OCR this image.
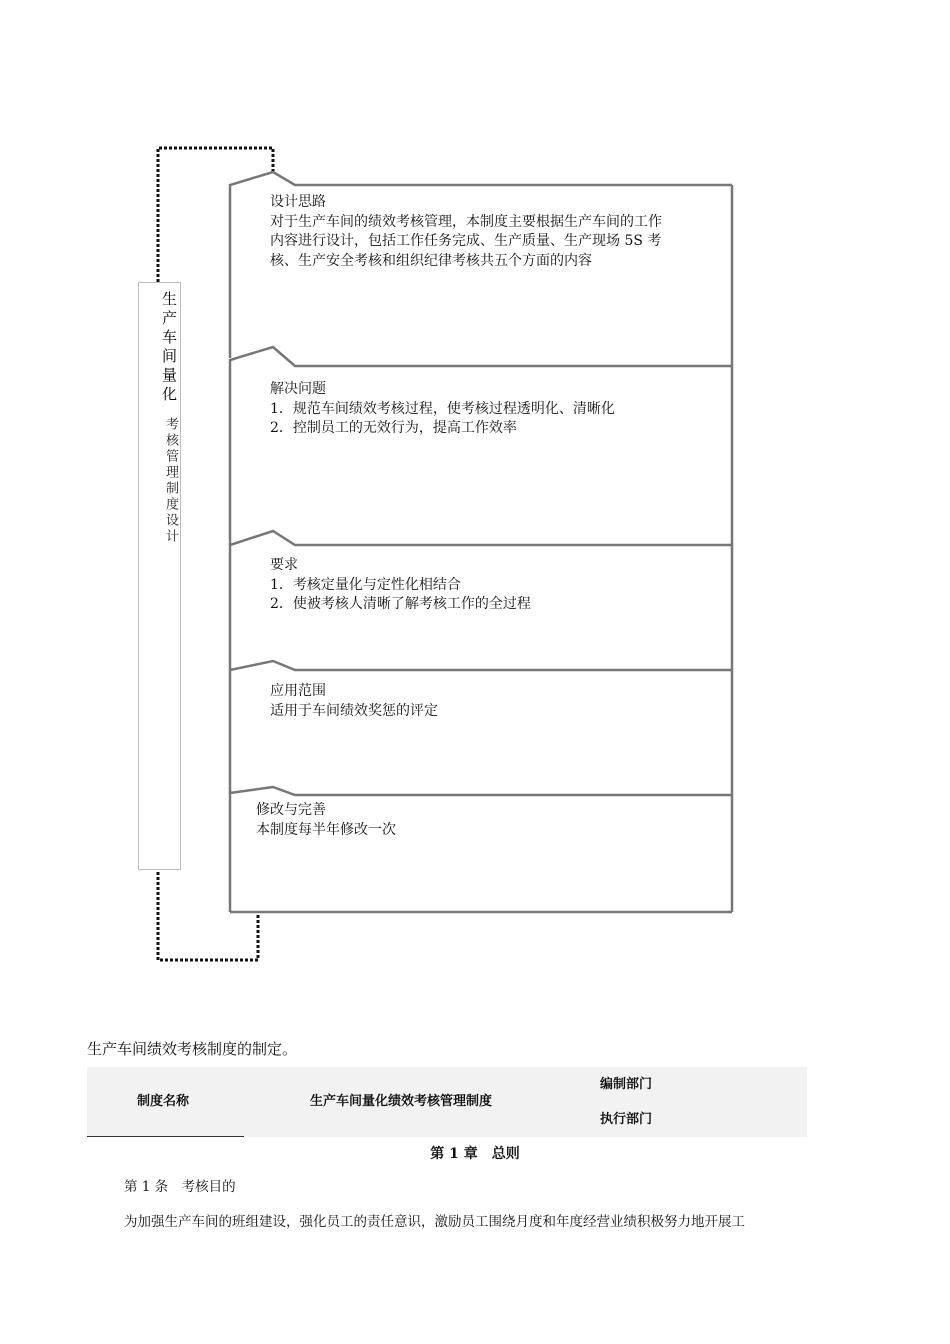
生产车间量化
考核管理制度设计
设计思路
对于生产车间的绩效考核管理，本制度主要根据生产车间的工作
内容进行设计，包括工作任务完成、生产质量、生产现场 5S 考
核、生产安全考核和组织纪律考核共五个方面的内容
解决问题
1．规范车间绩效考核过程，使考核过程透明化、清晰化
2．控制员工的无效行为，提高工作效率
要求
1．考核定量化与定性化相结合
2．使被考核人清晰了解考核工作的全过程
应用范围
适用于车间绩效奖惩的评定
修改与完善
本制度每半年修改一次
生产车间绩效考核制度的制定。
制度名称	生产车间量化绩效考核管理制度
编制部门
执行部门
第 1 章　总则
第 1 条　考核目的
为加强生产车间的班组建设，强化员工的责任意识，激励员工围绕月度和年度经营业绩积极努力地开展工
